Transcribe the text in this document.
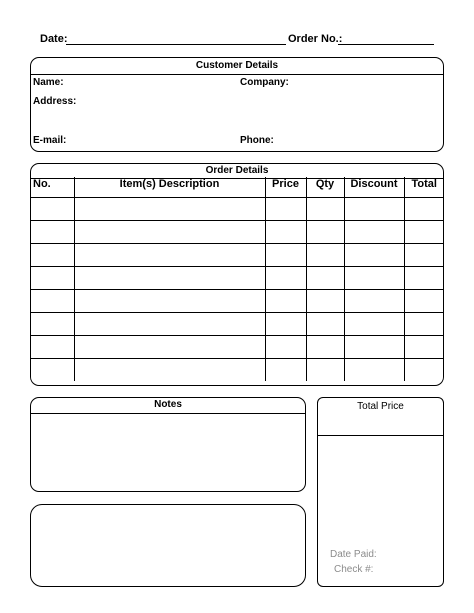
Date:	Order No.:
Customer Details
Name:	Company:
Address:
E-mail:	Phone:
Order Details
No.	Item(s) Description	Price	Qty	Discount	Total

Notes	Total Price
Date Paid:
Check #:
